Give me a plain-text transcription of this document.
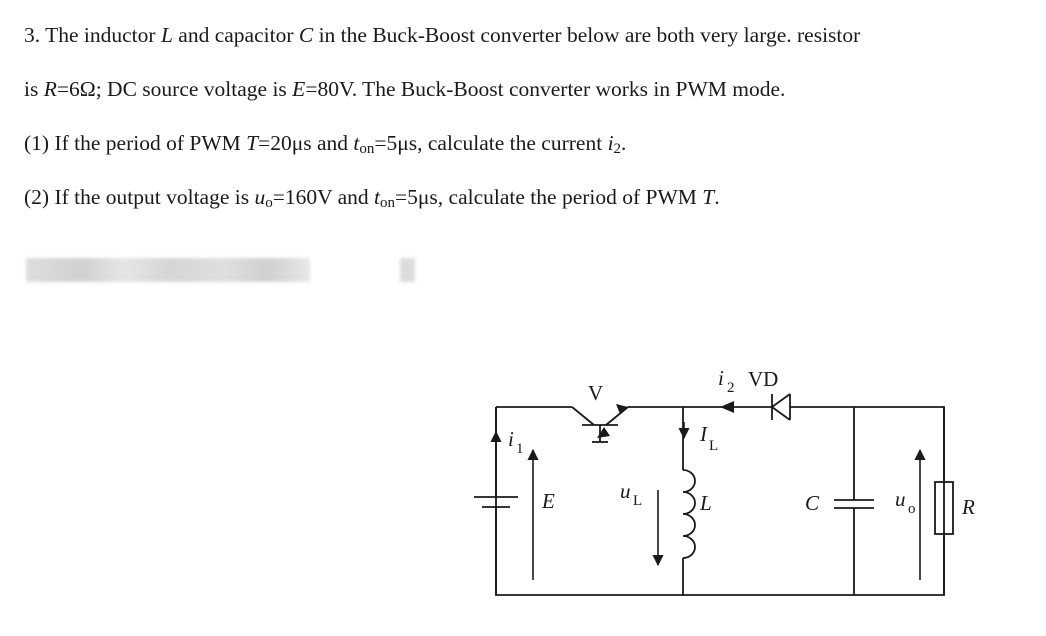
3. The inductor L and capacitor C in the Buck-Boost converter below are both very large. resistor
is R=6Ω; DC source voltage is E=80V. The Buck-Boost converter works in PWM mode.
(1) If the period of PWM T=20μs and $t_{on}=5\mu s$, calculate the current $i_2$.
(2) If the output voltage is $u_o=160V$ and $t_{on}=5\mu s$, calculate the period of PWM T.
V
VD
i 2
i 1
I L
E	u L	L	C	u o R
